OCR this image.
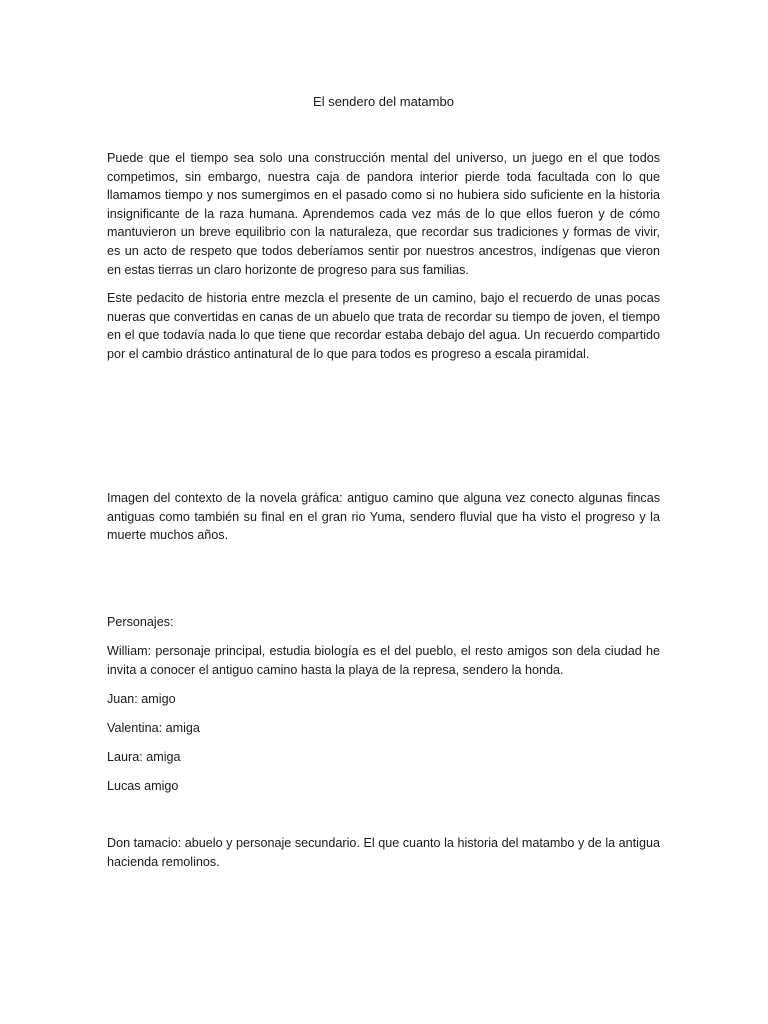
El sendero del matambo

Puede que el tiempo sea solo una construcción mental del universo, un juego en el que todos competimos, sin embargo, nuestra caja de pandora interior pierde toda facultada con lo que llamamos tiempo y nos sumergimos en el pasado como si no hubiera sido suficiente en la historia insignificante de la raza humana. Aprendemos cada vez más de lo que ellos fueron y de cómo mantuvieron un breve equilibrio con la naturaleza, que recordar sus tradiciones y formas de vivir, es un acto de respeto que todos deberíamos sentir por nuestros ancestros, indígenas que vieron en estas tierras un claro horizonte de progreso para sus familias.

Este pedacito de historia entre mezcla el presente de un camino, bajo el recuerdo de unas pocas nueras que convertidas en canas de un abuelo que trata de recordar su tiempo de joven, el tiempo en el que todavía nada lo que tiene que recordar estaba debajo del agua. Un recuerdo compartido por el cambio drástico antinatural de lo que para todos es progreso a escala piramidal.

Imagen del contexto de la novela gráfica: antiguo camino que alguna vez conecto algunas fincas antiguas como también su final en el gran rio Yuma, sendero fluvial que ha visto el progreso y la muerte muchos años.

Personajes:

William: personaje principal, estudia biología es el del pueblo, el resto amigos son dela ciudad he invita a conocer el antiguo camino hasta la playa de la represa, sendero la honda.

Juan: amigo
Valentina: amiga
Laura: amiga
Lucas amigo

Don tamacio: abuelo y personaje secundario. El que cuanto la historia del matambo y de la antigua hacienda remolinos.
